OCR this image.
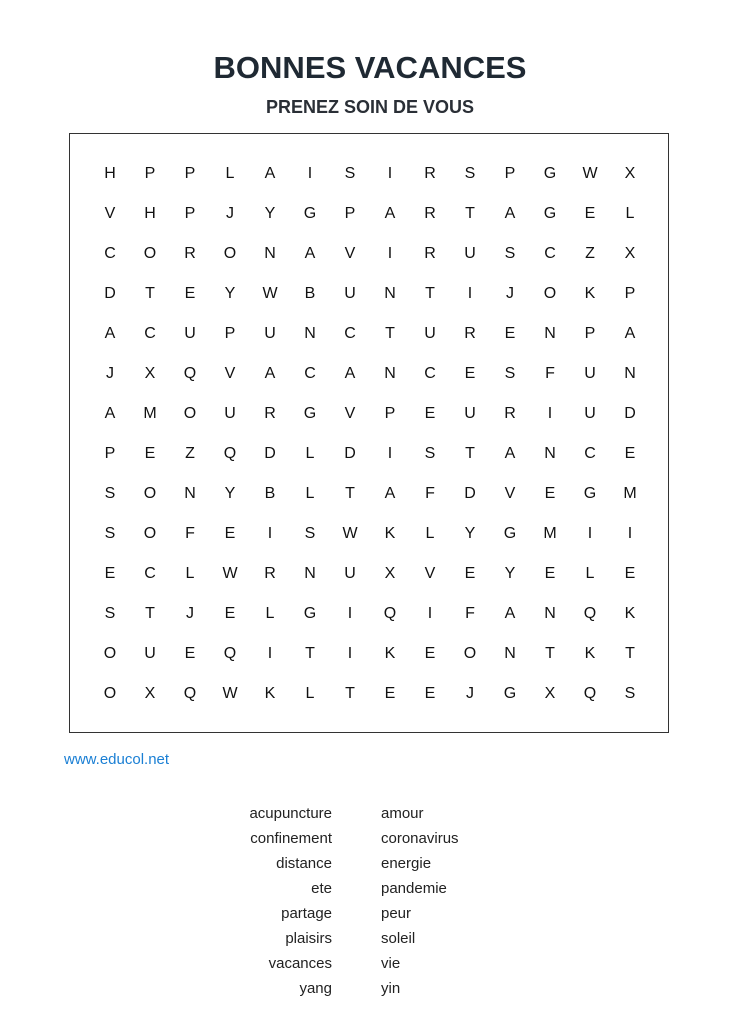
BONNES VACANCES
PRENEZ SOIN DE VOUS
H	P	P	L	A	I	S	I	R	S	P	G	W	X
V	H	P	J	Y	G	P	A	R	T	A	G	E	L
C	O	R	O	N	A	V	I	R	U	S	C	Z	X
D	T	E	Y	W	B	U	N	T	I	J	O	K	P
A	C	U	P	U	N	C	T	U	R	E	N	P	A
J	X	Q	V	A	C	A	N	C	E	S	F	U	N
A	M	O	U	R	G	V	P	E	U	R	I	U	D
P	E	Z	Q	D	L	D	I	S	T	A	N	C	E
S	O	N	Y	B	L	T	A	F	D	V	E	G	M
S	O	F	E	I	S	W	K	L	Y	G	M	I	I
E	C	L	W	R	N	U	X	V	E	Y	E	L	E
S	T	J	E	L	G	I	Q	I	F	A	N	Q	K
O	U	E	Q	I	T	I	K	E	O	N	T	K	T
O	X	Q	W	K	L	T	E	E	J	G	X	Q	S
www.educol.net
acupuncture	amour
confinement	coronavirus
distance	energie
ete	pandemie
partage	peur
plaisirs	soleil
vacances	vie
yang	yin
